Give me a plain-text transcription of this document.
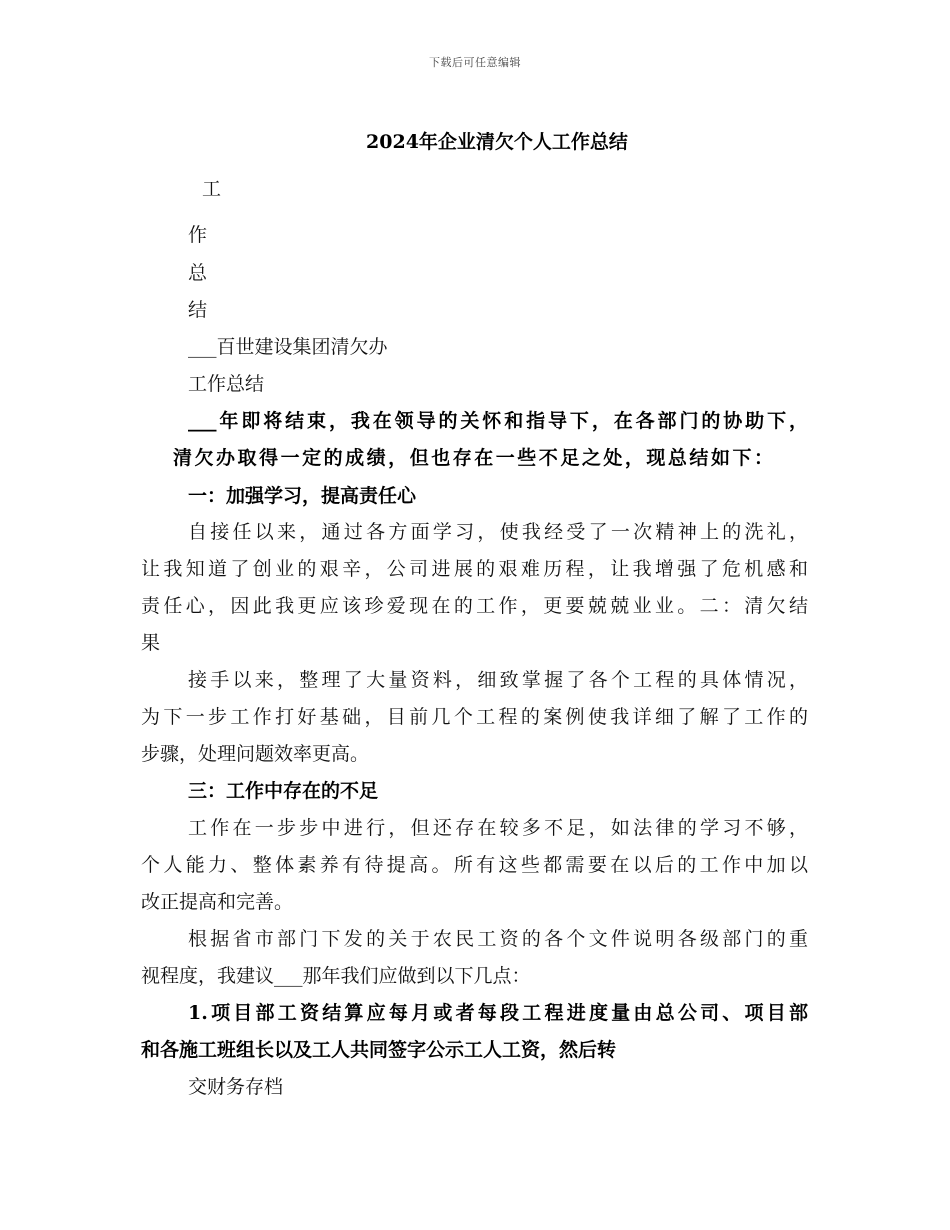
下载后可任意编辑
2024年企业清欠个人工作总结
工
作
总
结
___百世建设集团清欠办
工作总结
___年即将结束，我在领导的关怀和指导下，在各部门的协助下，
清欠办取得一定的成绩，但也存在一些不足之处，现总结如下：
一：加强学习，提高责任心
自接任以来，通过各方面学习，使我经受了一次精神上的洗礼，
让我知道了创业的艰辛，公司进展的艰难历程，让我增强了危机感和
责任心，因此我更应该珍爱现在的工作，更要兢兢业业。二：清欠结
果
接手以来，整理了大量资料，细致掌握了各个工程的具体情况，
为下一步工作打好基础，目前几个工程的案例使我详细了解了工作的
步骤，处理问题效率更高。
三：工作中存在的不足
工作在一步步中进行，但还存在较多不足，如法律的学习不够，
个人能力、整体素养有待提高。所有这些都需要在以后的工作中加以
改正提高和完善。
根据省市部门下发的关于农民工资的各个文件说明各级部门的重
视程度，我建议___那年我们应做到以下几点：
1.项目部工资结算应每月或者每段工程进度量由总公司、项目部
和各施工班组长以及工人共同签字公示工人工资，然后转
交财务存档
